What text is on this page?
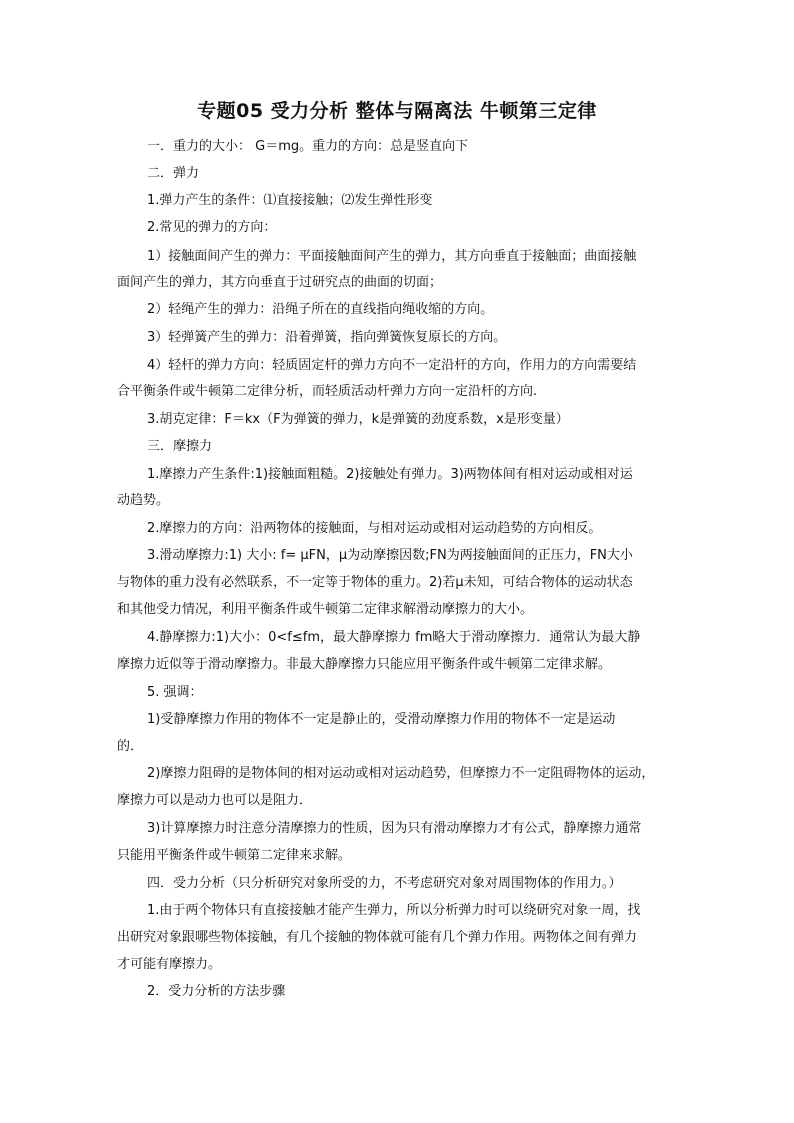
专题05 受力分析 整体与隔离法 牛顿第三定律
一．重力的大小： G＝mg。重力的方向：总是竖直向下
二．弹力
1.弹力产生的条件：⑴直接接触；⑵发生弹性形变
2.常见的弹力的方向：
1）接触面间产生的弹力：平面接触面间产生的弹力，其方向垂直于接触面；曲面接触
面间产生的弹力，其方向垂直于过研究点的曲面的切面；
2）轻绳产生的弹力：沿绳子所在的直线指向绳收缩的方向。
3）轻弹簧产生的弹力：沿着弹簧，指向弹簧恢复原长的方向。
4）轻杆的弹力方向：轻质固定杆的弹力方向不一定沿杆的方向，作用力的方向需要结
合平衡条件或牛顿第二定律分析，而轻质活动杆弹力方向一定沿杆的方向.
3.胡克定律：F＝kx（F为弹簧的弹力，k是弹簧的劲度系数，x是形变量）
三．摩擦力
1.摩擦力产生条件:1)接触面粗糙。2)接触处有弹力。3)两物体间有相对运动或相对运
动趋势。
2.摩擦力的方向：沿两物体的接触面，与相对运动或相对运动趋势的方向相反。
3.滑动摩擦力:1) 大小: f= μFN，μ为动摩擦因数;FN为两接触面间的正压力，FN大小
与物体的重力没有必然联系，不一定等于物体的重力。2)若μ未知，可结合物体的运动状态
和其他受力情况，利用平衡条件或牛顿第二定律求解滑动摩擦力的大小。
4.静摩擦力:1)大小：0<f≤fm，最大静摩擦力 fm略大于滑动摩擦力．通常认为最大静
摩擦力近似等于滑动摩擦力。非最大静摩擦力只能应用平衡条件或牛顿第二定律求解。
5. 强调：
1)受静摩擦力作用的物体不一定是静止的，受滑动摩擦力作用的物体不一定是运动
的．
2)摩擦力阻碍的是物体间的相对运动或相对运动趋势，但摩擦力不一定阻碍物体的运动，
摩擦力可以是动力也可以是阻力．
3)计算摩擦力时注意分清摩擦力的性质，因为只有滑动摩擦力才有公式，静摩擦力通常
只能用平衡条件或牛顿第二定律来求解。
四．受力分析（只分析研究对象所受的力，不考虑研究对象对周围物体的作用力。）
1.由于两个物体只有直接接触才能产生弹力，所以分析弹力时可以绕研究对象一周，找
出研究对象跟哪些物体接触，有几个接触的物体就可能有几个弹力作用。两物体之间有弹力
才可能有摩擦力。
2．受力分析的方法步骤
